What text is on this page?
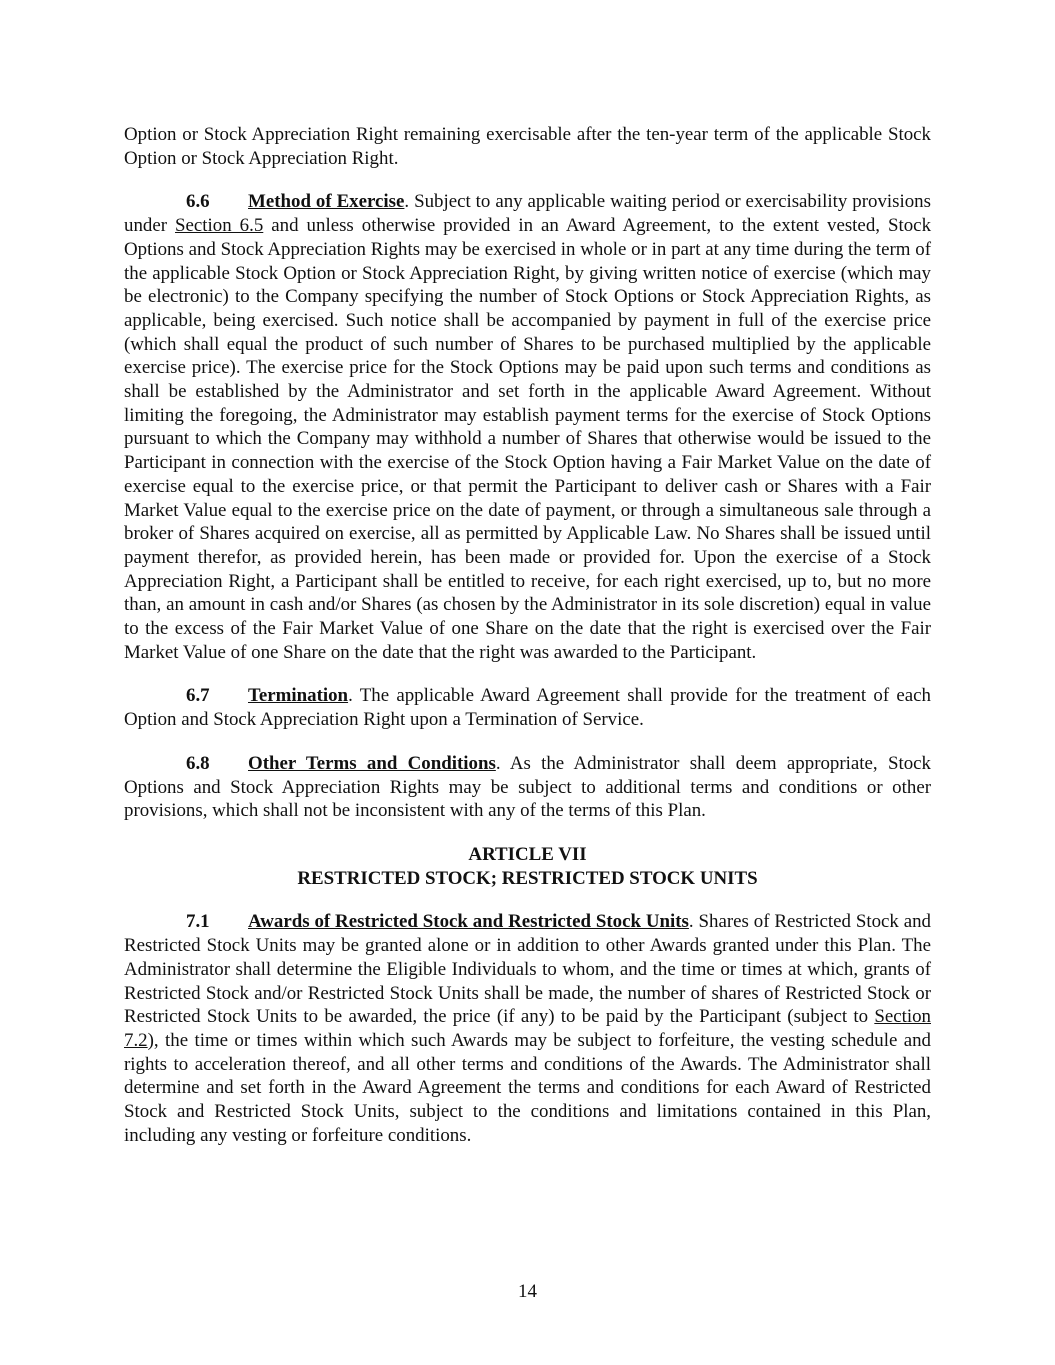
Option or Stock Appreciation Right remaining exercisable after the ten-year term of the applicable Stock Option or Stock Appreciation Right.

6.6 Method of Exercise. Subject to any applicable waiting period or exercisability provisions under Section 6.5 and unless otherwise provided in an Award Agreement, to the extent vested, Stock Options and Stock Appreciation Rights may be exercised in whole or in part at any time during the term of the applicable Stock Option or Stock Appreciation Right, by giving written notice of exercise (which may be electronic) to the Company specifying the number of Stock Options or Stock Appreciation Rights, as applicable, being exercised. Such notice shall be accompanied by payment in full of the exercise price (which shall equal the product of such number of Shares to be purchased multiplied by the applicable exercise price). The exercise price for the Stock Options may be paid upon such terms and conditions as shall be established by the Administrator and set forth in the applicable Award Agreement. Without limiting the foregoing, the Administrator may establish payment terms for the exercise of Stock Options pursuant to which the Company may withhold a number of Shares that otherwise would be issued to the Participant in connection with the exercise of the Stock Option having a Fair Market Value on the date of exercise equal to the exercise price, or that permit the Participant to deliver cash or Shares with a Fair Market Value equal to the exercise price on the date of payment, or through a simultaneous sale through a broker of Shares acquired on exercise, all as permitted by Applicable Law. No Shares shall be issued until payment therefor, as provided herein, has been made or provided for. Upon the exercise of a Stock Appreciation Right, a Participant shall be entitled to receive, for each right exercised, up to, but no more than, an amount in cash and/or Shares (as chosen by the Administrator in its sole discretion) equal in value to the excess of the Fair Market Value of one Share on the date that the right is exercised over the Fair Market Value of one Share on the date that the right was awarded to the Participant.

6.7 Termination. The applicable Award Agreement shall provide for the treatment of each Option and Stock Appreciation Right upon a Termination of Service.

6.8 Other Terms and Conditions. As the Administrator shall deem appropriate, Stock Options and Stock Appreciation Rights may be subject to additional terms and conditions or other provisions, which shall not be inconsistent with any of the terms of this Plan.

ARTICLE VII
RESTRICTED STOCK; RESTRICTED STOCK UNITS

7.1 Awards of Restricted Stock and Restricted Stock Units. Shares of Restricted Stock and Restricted Stock Units may be granted alone or in addition to other Awards granted under this Plan. The Administrator shall determine the Eligible Individuals to whom, and the time or times at which, grants of Restricted Stock and/or Restricted Stock Units shall be made, the number of shares of Restricted Stock or Restricted Stock Units to be awarded, the price (if any) to be paid by the Participant (subject to Section 7.2), the time or times within which such Awards may be subject to forfeiture, the vesting schedule and rights to acceleration thereof, and all other terms and conditions of the Awards. The Administrator shall determine and set forth in the Award Agreement the terms and conditions for each Award of Restricted Stock and Restricted Stock Units, subject to the conditions and limitations contained in this Plan, including any vesting or forfeiture conditions.

14
